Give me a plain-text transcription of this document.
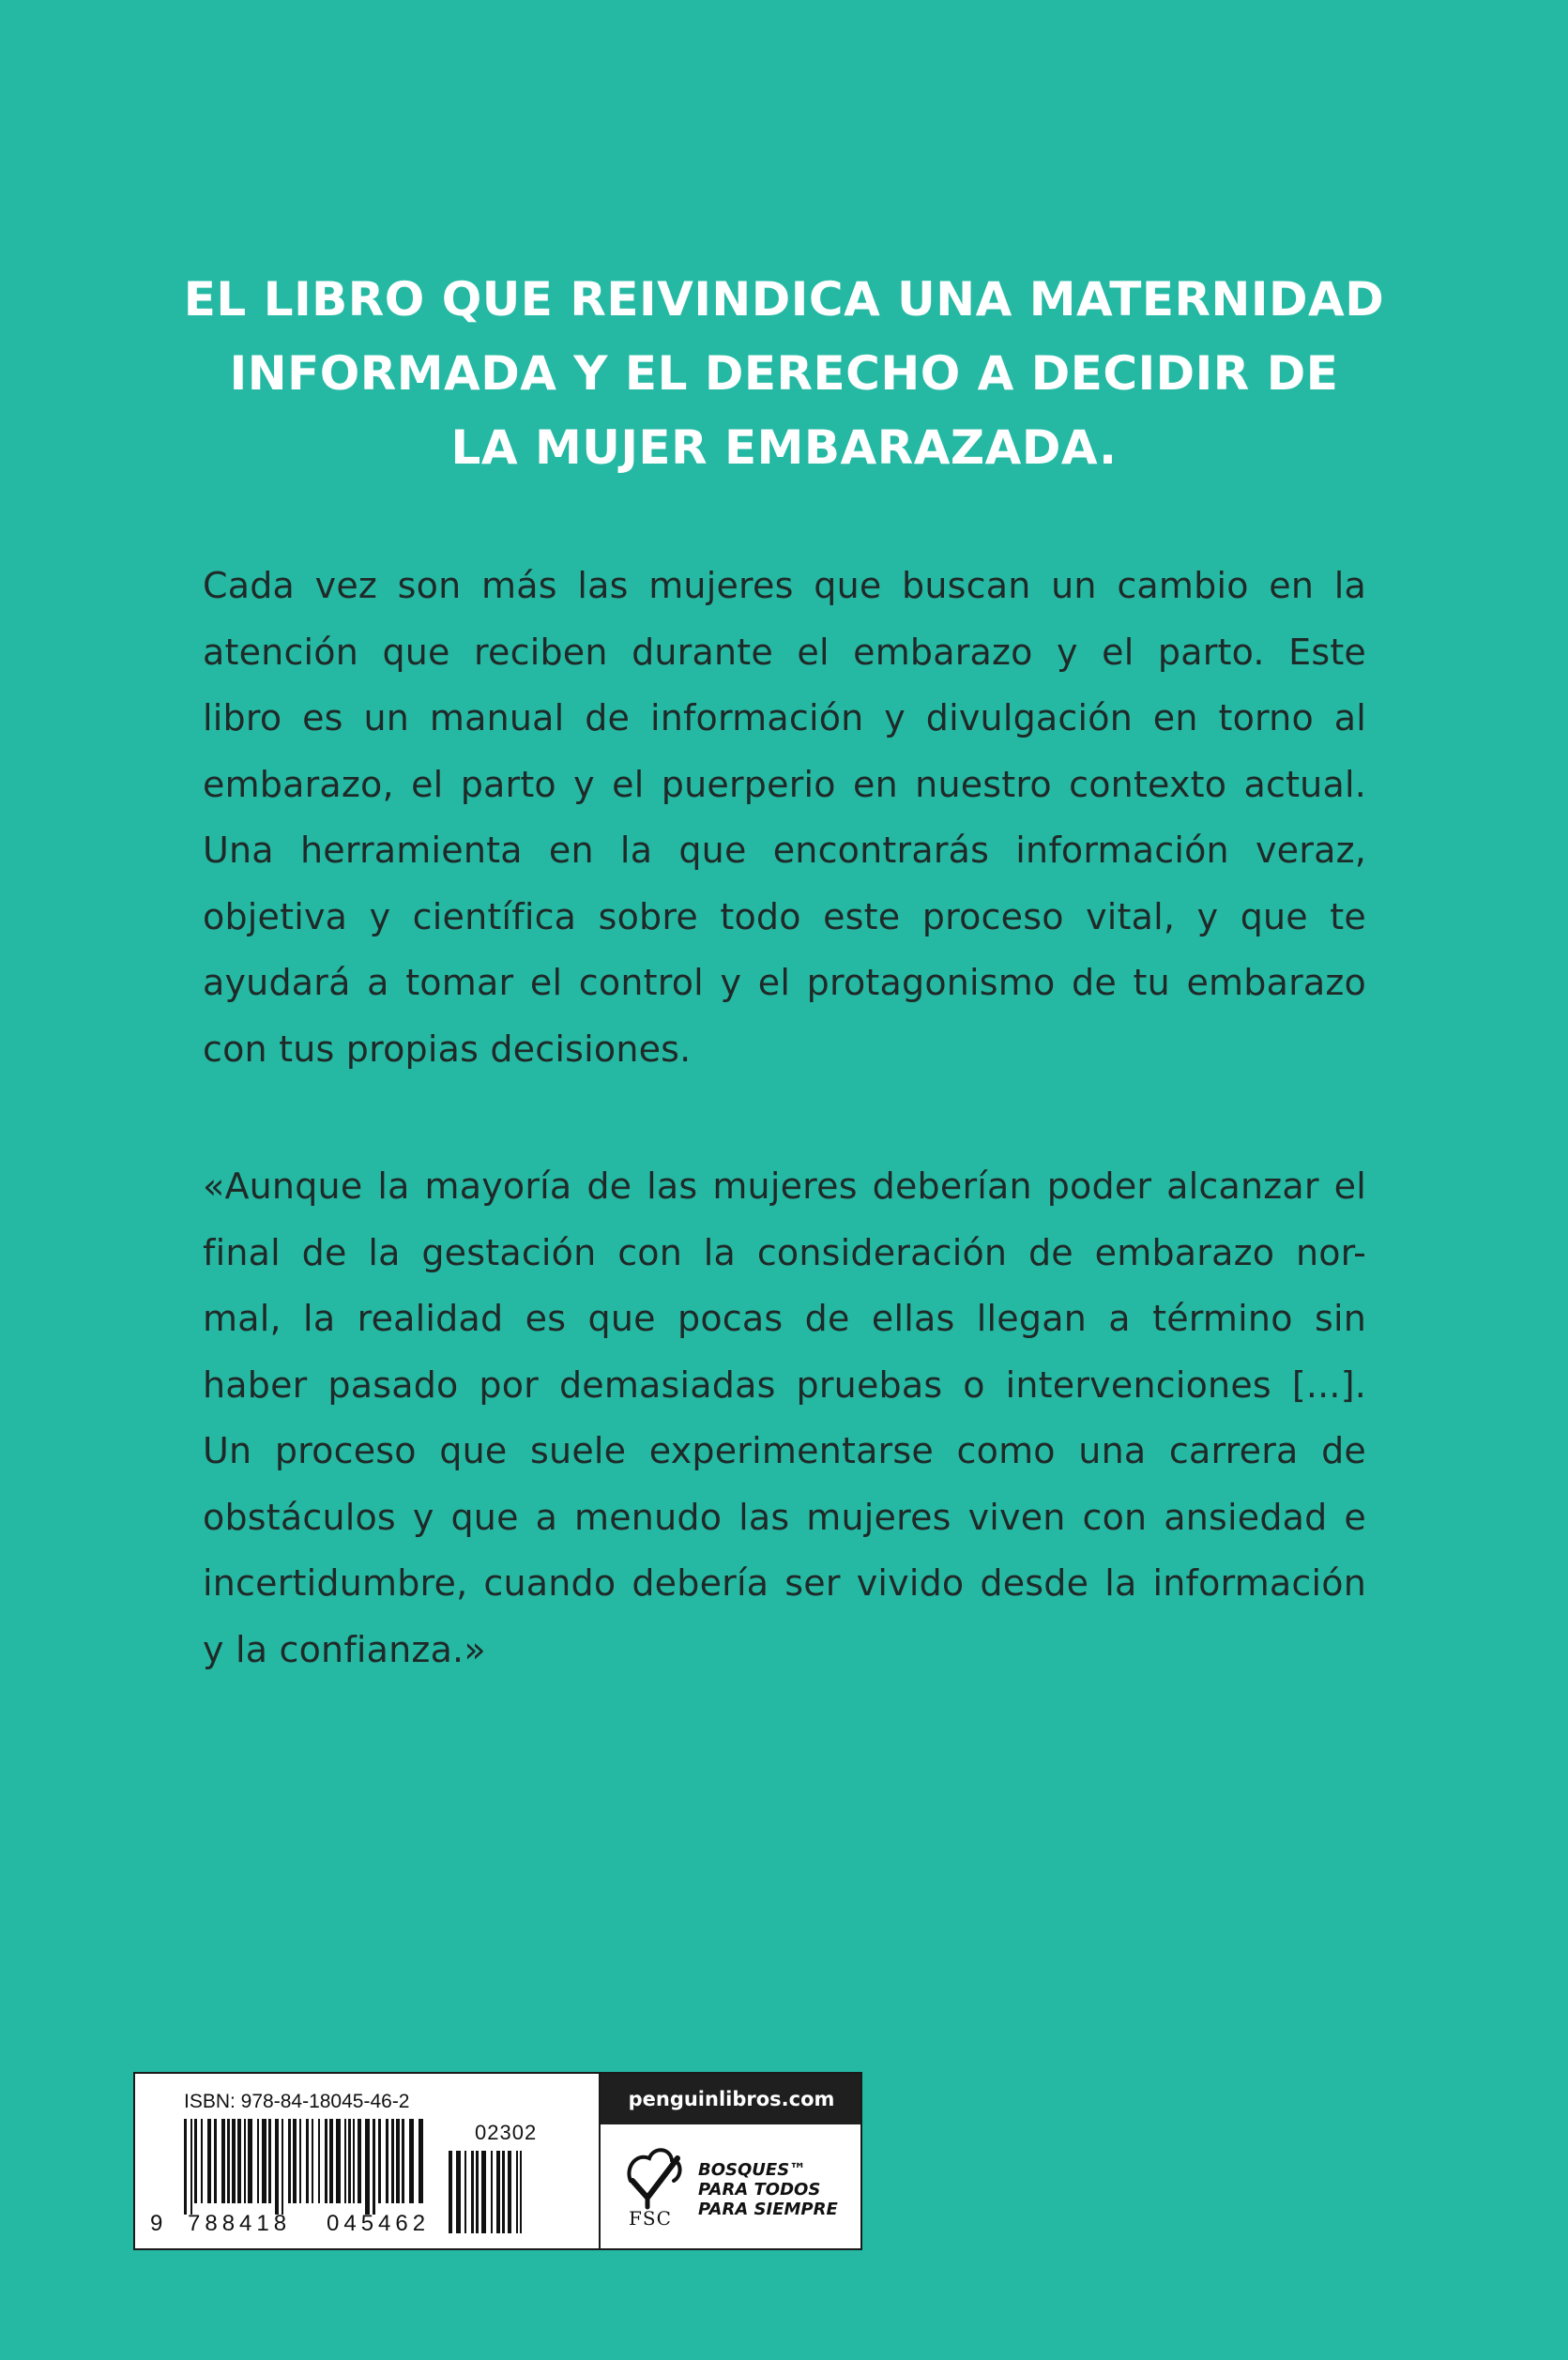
EL LIBRO QUE REIVINDICA UNA MATERNIDAD
INFORMADA Y EL DERECHO A DECIDIR DE
LA MUJER EMBARAZADA.
Cada vez son más las mujeres que buscan un cambio en la
atención que reciben durante el embarazo y el parto. Este
libro es un manual de información y divulgación en torno al
embarazo, el parto y el puerperio en nuestro contexto actual.
Una herramienta en la que encontrarás información veraz,
objetiva y científica sobre todo este proceso vital, y que te
ayudará a tomar el control y el protagonismo de tu embarazo
con tus propias decisiones.
«Aunque la mayoría de las mujeres deberían poder alcanzar el
final de la gestación con la consideración de embarazo nor-
mal, la realidad es que pocas de ellas llegan a término sin
haber pasado por demasiadas pruebas o intervenciones [...].
Un proceso que suele experimentarse como una carrera de
obstáculos y que a menudo las mujeres viven con ansiedad e
incertidumbre, cuando debería ser vivido desde la información
y la confianza.»
ISBN: 978-84-18045-46-2
02302
9 788418 045462
penguinlibros.com
FSC
BOSQUES™
PARA TODOS
PARA SIEMPRE
